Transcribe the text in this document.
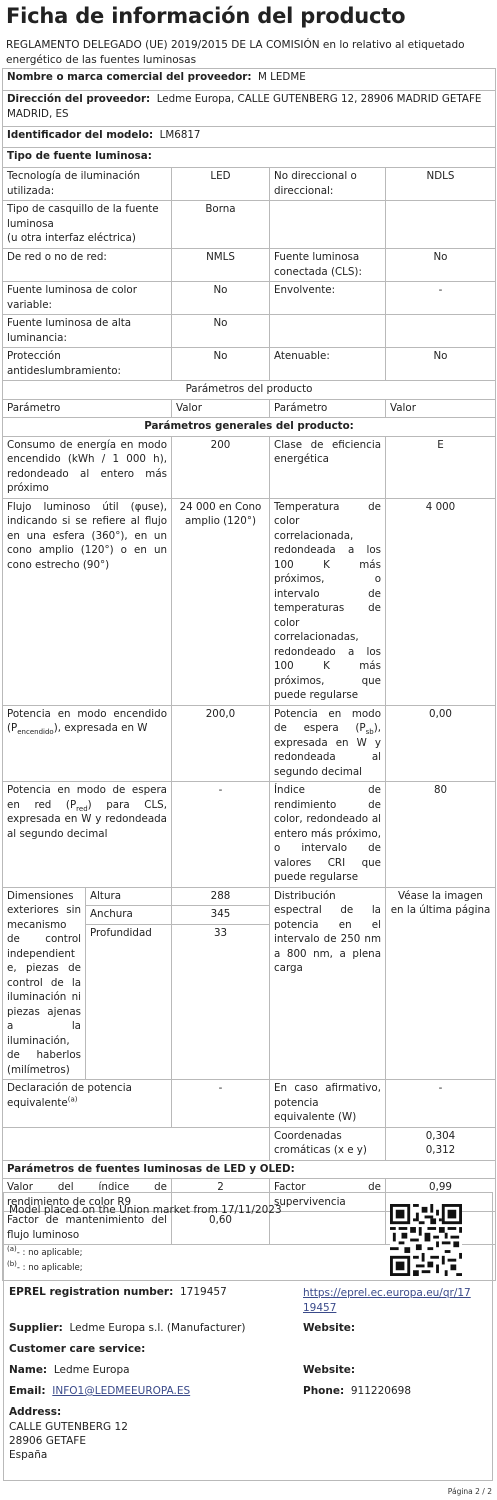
Ficha de información del producto
REGLAMENTO DELEGADO (UE) 2019/2015 DE LA COMISIÓN en lo relativo al etiquetado energético de las fuentes luminosas
Nombre o marca comercial del proveedor: M LEDME				
Dirección del proveedor: Ledme Europa, CALLE GUTENBERG 12, 28906 MADRID GETAFE MADRID, ES				
Identificador del modelo: LM6817				
Tipo de fuente luminosa:				
Tecnología de iluminación utilizada:		LED	No direccional o direccional:	NDLS
Tipo de casquillo de la fuente luminosa
(u otra interfaz eléctrica)		Borna		
De red o no de red:		NMLS	Fuente luminosa conectada (CLS):	No
Fuente luminosa de color variable:		No	Envolvente:	-
Fuente luminosa de alta luminancia:		No		
Protección antideslumbramiento:		No	Atenuable:	No
Parámetros del producto				
Parámetro		Valor	Parámetro	Valor
Parámetros generales del producto:				
Consumo de energía en modo encendido (kWh / 1 000 h), redondeado al entero más próximo		200	Clase de eficiencia energética	E
Flujo luminoso útil (φuse), indicando si se refiere al flujo en una esfera (360°), en un cono amplio (120°) o en un cono estrecho (90°)		24 000 en Cono amplio (120°)	Temperatura de color correlacionada, redondeada a los 100 K más próximos, o intervalo de temperaturas de color correlacionadas, redondeado a los 100 K más próximos, que puede regularse	4 000
Potencia en modo encendido $(P_{encendido})$, expresada en W		200,0	Potencia en modo de espera $(P_{sb})$, expresada en W y redondeada al segundo decimal	0,00
Potencia en modo de espera en red $(P_{red})$ para CLS, expresada en W y redondeada al segundo decimal		-	Índice de rendimiento de color, redondeado al entero más próximo, o intervalo de valores CRI que puede regularse	80
Dimensiones exteriores sin mecanismo de control independiente, piezas de control de la iluminación ni piezas ajenas a la iluminación, de haberlos (milímetros)	Altura	288	Distribución espectral de la potencia en el intervalo de 250 nm a 800 nm, a plena carga	Véase la imagen en la última página
	Anchura	345		
	Profundidad	33		
Declaración de potencia equivalente$^{(a)}$		-	En caso afirmativo, potencia equivalente (W)	-
			Coordenadas cromáticas (x e y)	0,304
0,312
Parámetros de fuentes luminosas de LED y OLED:				
Valor del índice de rendimiento de color R9		2	Factor de supervivencia	0,99
Factor de mantenimiento del flujo luminoso		0,60		

$^{(a)}$- : no aplicable;
$^{(b)}$- : no aplicable;				
Model placed on the Union market from 17/11/2023
EPREL registration number: 1719457	https://eprel.ec.europa.eu/qr/17
19457
Supplier: Ledme Europa s.l. (Manufacturer)	Website:
Customer care service:
Name: Ledme Europa	Website:
Email: INFO1@LEDMEEUROPA.ES	Phone: 911220698
Address:
CALLE GUTENBERG 12
28906 GETAFE
España
Página 2 / 2
